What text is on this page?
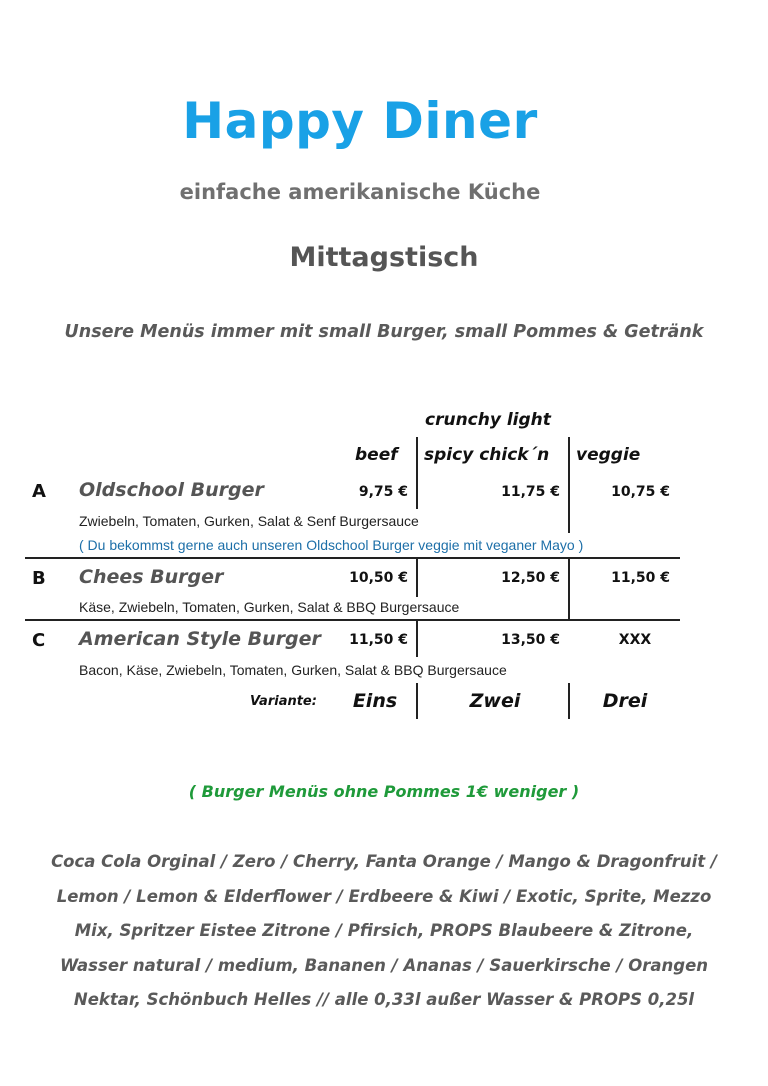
Happy Diner
einfache amerikanische Küche
Mittagstisch
Unsere Menüs immer mit small Burger, small Pommes & Getränk
crunchy light
beef spicy chick´n veggie
A Oldschool Burger	9,75 €	11,75 €	10,75 €
Zwiebeln, Tomaten, Gurken, Salat & Senf Burgersauce
( Du bekommst gerne auch unseren Oldschool Burger veggie mit veganer Mayo )
B Chees Burger	10,50 €	12,50 €	11,50 €
Käse, Zwiebeln, Tomaten, Gurken, Salat & BBQ Burgersauce
C American Style Burger	11,50 €	13,50 €	XXX
Bacon, Käse, Zwiebeln, Tomaten, Gurken, Salat & BBQ Burgersauce
Variante:	Eins	Zwei	Drei
( Burger Menüs ohne Pommes 1€ weniger )
Coca Cola Orginal / Zero / Cherry, Fanta Orange / Mango & Dragonfruit / Lemon / Lemon & Elderflower / Erdbeere & Kiwi / Exotic, Sprite, Mezzo Mix, Spritzer Eistee Zitrone / Pfirsich, PROPS Blaubeere & Zitrone, Wasser natural / medium, Bananen / Ananas / Sauerkirsche / Orangen Nektar, Schönbuch Helles // alle 0,33l außer Wasser & PROPS 0,25l
